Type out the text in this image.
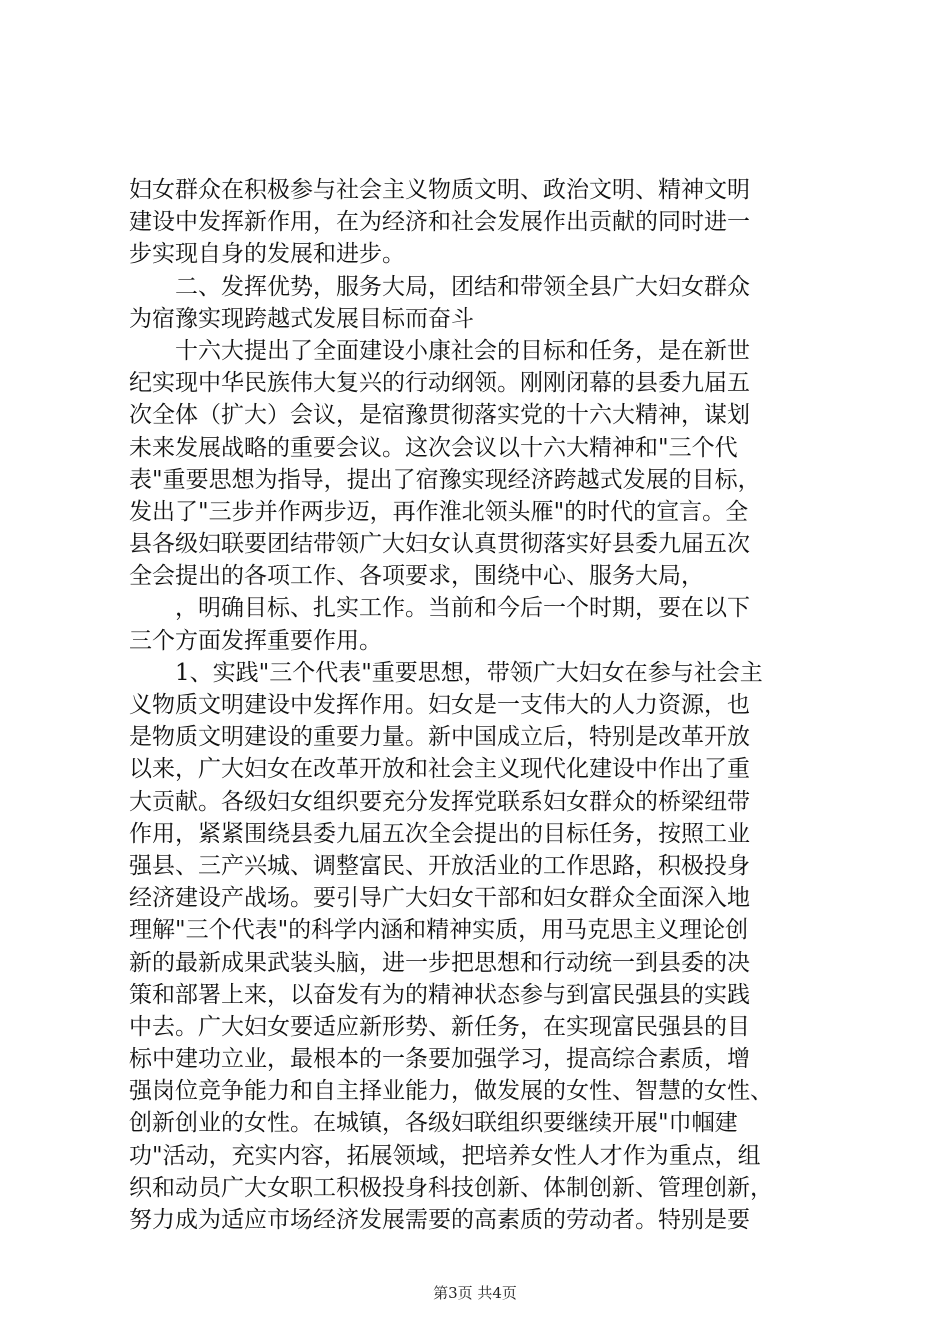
妇女群众在积极参与社会主义物质文明、政治文明、精神文明
建设中发挥新作用，在为经济和社会发展作出贡献的同时进一
步实现自身的发展和进步。
　　二、发挥优势，服务大局，团结和带领全县广大妇女群众
为宿豫实现跨越式发展目标而奋斗
　　十六大提出了全面建设小康社会的目标和任务，是在新世
纪实现中华民族伟大复兴的行动纲领。刚刚闭幕的县委九届五
次全体（扩大）会议，是宿豫贯彻落实党的十六大精神，谋划
未来发展战略的重要会议。这次会议以十六大精神和"三个代
表"重要思想为指导，提出了宿豫实现经济跨越式发展的目标，
发出了"三步并作两步迈，再作淮北领头雁"的时代的宣言。全
县各级妇联要团结带领广大妇女认真贯彻落实好县委九届五次
全会提出的各项工作、各项要求，围绕中心、服务大局，
　　，明确目标、扎实工作。当前和今后一个时期，要在以下
三个方面发挥重要作用。
　　1、实践"三个代表"重要思想，带领广大妇女在参与社会主
义物质文明建设中发挥作用。妇女是一支伟大的人力资源，也
是物质文明建设的重要力量。新中国成立后，特别是改革开放
以来，广大妇女在改革开放和社会主义现代化建设中作出了重
大贡献。各级妇女组织要充分发挥党联系妇女群众的桥梁纽带
作用，紧紧围绕县委九届五次全会提出的目标任务，按照工业
强县、三产兴城、调整富民、开放活业的工作思路，积极投身
经济建设产战场。要引导广大妇女干部和妇女群众全面深入地
理解"三个代表"的科学内涵和精神实质，用马克思主义理论创
新的最新成果武装头脑，进一步把思想和行动统一到县委的决
策和部署上来，以奋发有为的精神状态参与到富民强县的实践
中去。广大妇女要适应新形势、新任务，在实现富民强县的目
标中建功立业，最根本的一条要加强学习，提高综合素质，增
强岗位竞争能力和自主择业能力，做发展的女性、智慧的女性、
创新创业的女性。在城镇，各级妇联组织要继续开展"巾帼建
功"活动，充实内容，拓展领域，把培养女性人才作为重点，组
织和动员广大女职工积极投身科技创新、体制创新、管理创新，
努力成为适应市场经济发展需要的高素质的劳动者。特别是要
第3页 共4页
